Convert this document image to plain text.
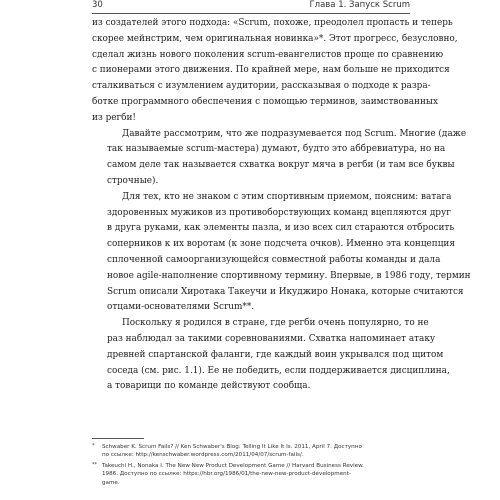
30	Глава 1. Запуск Scrum

из создателей этого подхода: «Scrum, похоже, преодолел пропасть и теперь
скорее мейнстрим, чем оригинальная новинка»*. Этот прогресс, безусловно,
сделал жизнь нового поколения scrum-евангелистов проще по сравнению
с пионерами этого движения. По крайней мере, нам больше не приходится
сталкиваться с изумлением аудитории, рассказывая о подходе к разра-
ботке программного обеспечения с помощью терминов, заимствованных
из регби!

Давайте рассмотрим, что же подразумевается под Scrum. Многие (даже
так называемые scrum-мастера) думают, будто это аббревиатура, но на
самом деле так называется схватка вокруг мяча в регби (и там все буквы
строчные).

Для тех, кто не знаком с этим спортивным приемом, поясним: ватага
здоровенных мужиков из противоборствующих команд вцепляются друг
в друга руками, как элементы пазла, и изо всех сил стараются отбросить
соперников к их воротам (к зоне подсчета очков). Именно эта концепция
сплоченной самоорганизующейся совместной работы команды и дала
новое agile-наполнение спортивному термину. Впервые, в 1986 году, термин
Scrum описали Хиротака Такеучи и Икуджиро Нонака, которые считаются
отцами-основателями Scrum**.

Поскольку я родился в стране, где регби очень популярно, то не
раз наблюдал за такими соревнованиями. Схватка напоминает атаку
древней спартанской фаланги, где каждый воин укрывался под щитом
соседа (см. рис. 1.1). Ее не победить, если поддерживается дисциплина,
а товарищи по команде действуют сообща.

* Schwaber K. Scrum Fails? // Ken Schwaber's Blog: Telling It Like It Is. 2011, April 7. Доступно
по ссылке: http://kenschwaber.wordpress.com/2011/04/07/scrum-fails/.
** Takeuchi H., Nonaka I. The New New Product Development Game // Harvard Business Review.
1986. Доступно по ссылке: https://hbr.org/1986/01/the-new-new-product-development-
game.
